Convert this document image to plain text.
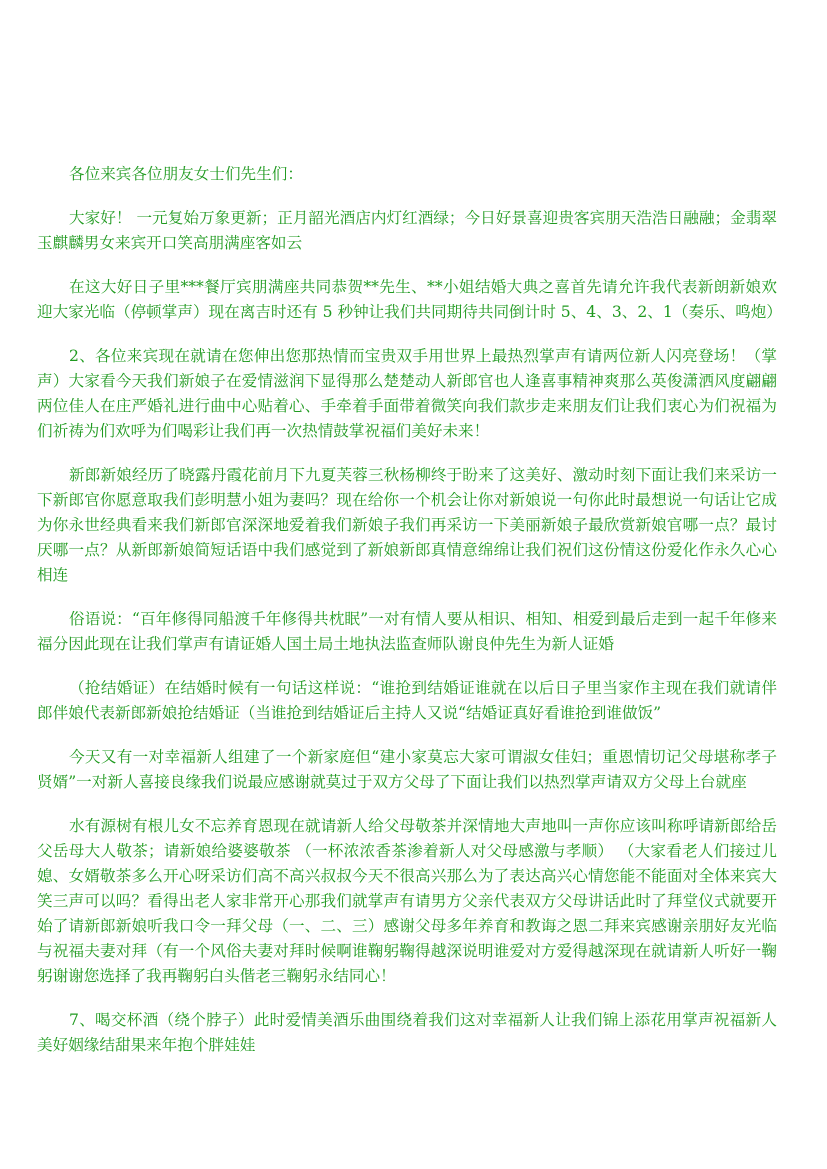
各位来宾各位朋友女士们先生们：

大家好！ 一元复始万象更新；正月韶光酒店内灯红酒绿；今日好景喜迎贵客宾朋天浩浩日融融；金翡翠玉麒麟男女来宾开口笑高朋满座客如云

在这大好日子里***餐厅宾朋满座共同恭贺**先生、**小姐结婚大典之喜首先请允许我代表新朗新娘欢迎大家光临（停顿掌声）现在离吉时还有 5 秒钟让我们共同期待共同倒计时 5、4、3、2、1（奏乐、鸣炮）

2、各位来宾现在就请在您伸出您那热情而宝贵双手用世界上最热烈掌声有请两位新人闪亮登场！（掌声）大家看今天我们新娘子在爱情滋润下显得那么楚楚动人新郎官也人逢喜事精神爽那么英俊潇洒风度翩翩两位佳人在庄严婚礼进行曲中心贴着心、手牵着手面带着微笑向我们款步走来朋友们让我们衷心为们祝福为们祈祷为们欢呼为们喝彩让我们再一次热情鼓掌祝福们美好未来！

新郎新娘经历了晓露丹霞花前月下九夏芙蓉三秋杨柳终于盼来了这美好、激动时刻下面让我们来采访一下新郎官你愿意取我们彭明慧小姐为妻吗？现在给你一个机会让你对新娘说一句你此时最想说一句话让它成为你永世经典看来我们新郎官深深地爱着我们新娘子我们再采访一下美丽新娘子最欣赏新娘官哪一点？最讨厌哪一点？从新郎新娘简短话语中我们感觉到了新娘新郎真情意绵绵让我们祝们这份情这份爱化作永久心心相连

俗语说：“百年修得同船渡千年修得共枕眠”一对有情人要从相识、相知、相爱到最后走到一起千年修来福分因此现在让我们掌声有请证婚人国土局土地执法监查师队谢良仲先生为新人证婚

（抢结婚证）在结婚时候有一句话这样说：“谁抢到结婚证谁就在以后日子里当家作主现在我们就请伴郎伴娘代表新郎新娘抢结婚证（当谁抢到结婚证后主持人又说“结婚证真好看谁抢到谁做饭”

今天又有一对幸福新人组建了一个新家庭但“建小家莫忘大家可谓淑女佳妇；重恩情切记父母堪称孝子贤婿”一对新人喜接良缘我们说最应感谢就莫过于双方父母了下面让我们以热烈掌声请双方父母上台就座

水有源树有根儿女不忘养育恩现在就请新人给父母敬茶并深情地大声地叫一声你应该叫称呼请新郎给岳父岳母大人敬茶；请新娘给婆婆敬茶 （一杯浓浓香茶渗着新人对父母感激与孝顺） （大家看老人们接过儿媳、女婿敬茶多么开心呀采访们高不高兴叔叔今天不很高兴那么为了表达高兴心情您能不能面对全体来宾大笑三声可以吗？看得出老人家非常开心那我们就掌声有请男方父亲代表双方父母讲话此时了拜堂仪式就要开始了请新郎新娘听我口令一拜父母（一、二、三）感谢父母多年养育和教诲之恩二拜来宾感谢亲朋好友光临与祝福夫妻对拜（有一个风俗夫妻对拜时候啊谁鞠躬鞠得越深说明谁爱对方爱得越深现在就请新人听好一鞠躬谢谢您选择了我再鞠躬白头偕老三鞠躬永结同心！

7、喝交杯酒（绕个脖子）此时爱情美酒乐曲围绕着我们这对幸福新人让我们锦上添花用掌声祝福新人美好姻缘结甜果来年抱个胖娃娃
